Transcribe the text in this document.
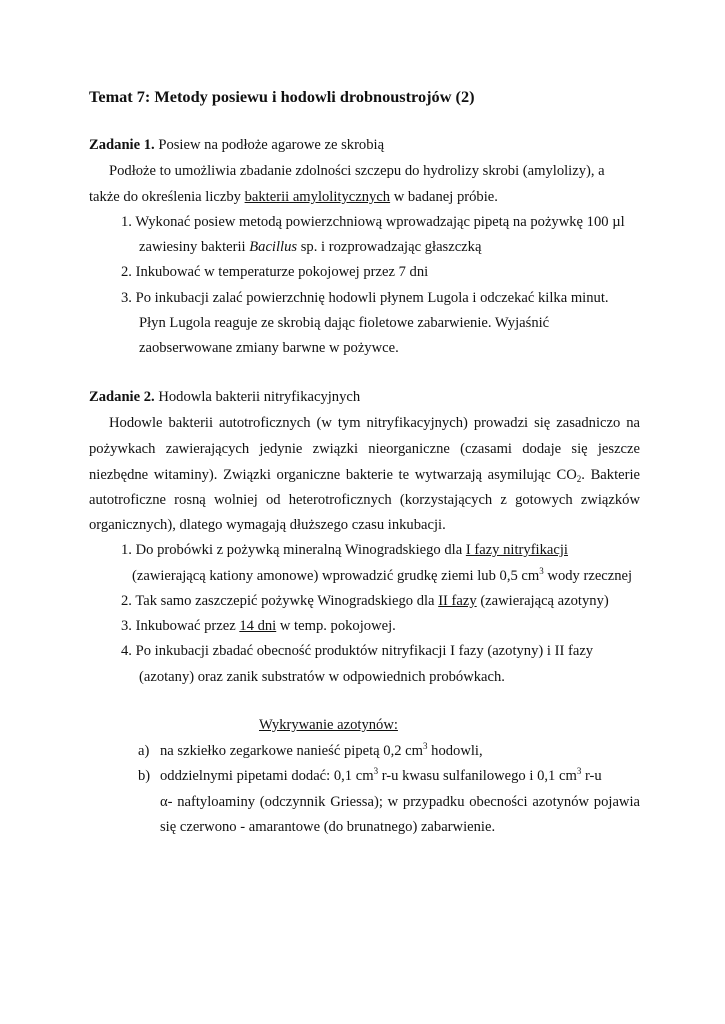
Temat 7: Metody posiewu i hodowli drobnoustrojów (2)
Zadanie 1. Posiew na podłoże agarowe ze skrobią
Podłoże to umożliwia zbadanie zdolności szczepu do hydrolizy skrobi (amylolizy), a
także do określenia liczby bakterii amylolitycznych w badanej próbie.
1. Wykonać posiew metodą powierzchniową wprowadzając pipetą na pożywkę 100 µl
zawiesiny bakterii Bacillus sp. i rozprowadzając głaszczką
2. Inkubować w temperaturze pokojowej przez 7 dni
3. Po inkubacji zalać powierzchnię hodowli płynem Lugola i odczekać kilka minut.
Płyn Lugola reaguje ze skrobią dając fioletowe zabarwienie. Wyjaśnić
zaobserwowane zmiany barwne w pożywce.
Zadanie 2. Hodowla bakterii nitryfikacyjnych
Hodowle bakterii autotroficznych (w tym nitryfikacyjnych) prowadzi się zasadniczo na
pożywkach zawierających jedynie związki nieorganiczne (czasami dodaje się jeszcze
niezbędne witaminy). Związki organiczne bakterie te wytwarzają asymilując $CO_2$. Bakterie
autotroficzne rosną wolniej od heterotroficznych (korzystających z gotowych związków
organicznych), dlatego wymagają dłuższego czasu inkubacji.
1. Do probówki z pożywką mineralną Winogradskiego dla I fazy nitryfikacji
(zawierającą kationy amonowe) wprowadzić grudkę ziemi lub 0,5 $cm^3$ wody rzecznej
2. Tak samo zaszczepić pożywkę Winogradskiego dla II fazy (zawierającą azotyny)
3. Inkubować przez 14 dni w temp. pokojowej.
4. Po inkubacji zbadać obecność produktów nitryfikacji I fazy (azotyny) i II fazy
(azotany) oraz zanik substratów w odpowiednich probówkach.
Wykrywanie azotynów:
a) na szkiełko zegarkowe nanieść pipetą 0,2 $cm^3$ hodowli,
b) oddzielnymi pipetami dodać: 0,1 $cm^3$ r-u kwasu sulfanilowego i 0,1 $cm^3$ r-u
α- naftyloaminy (odczynnik Griessa); w przypadku obecności azotynów pojawia
się czerwono - amarantowe (do brunatnego) zabarwienie.
